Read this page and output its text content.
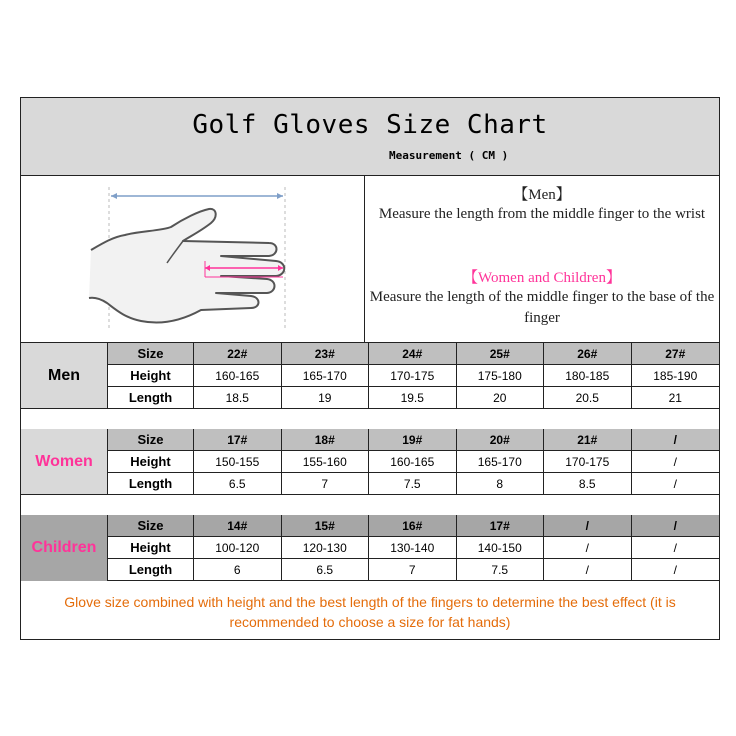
Golf Gloves Size Chart
Measurement ( CM )
【Men】
Measure the length from the middle finger to the wrist
【Women and Children】
Measure the length of the middle finger to the base of the finger
Men
Size	22#	23#	24#	25#	26#	27#
Height	160-165	165-170	170-175	175-180	180-185	185-190
Length	18.5	19	19.5	20	20.5	21
Women
Size	17#	18#	19#	20#	21#	/
Height	150-155	155-160	160-165	165-170	170-175	/
Length	6.5	7	7.5	8	8.5	/
Children
Size	14#	15#	16#	17#	/	/
Height	100-120	120-130	130-140	140-150	/	/
Length	6	6.5	7	7.5	/	/
Glove size combined with height and the best length of the fingers to determine the best effect (it is recommended to choose a size for fat hands)
